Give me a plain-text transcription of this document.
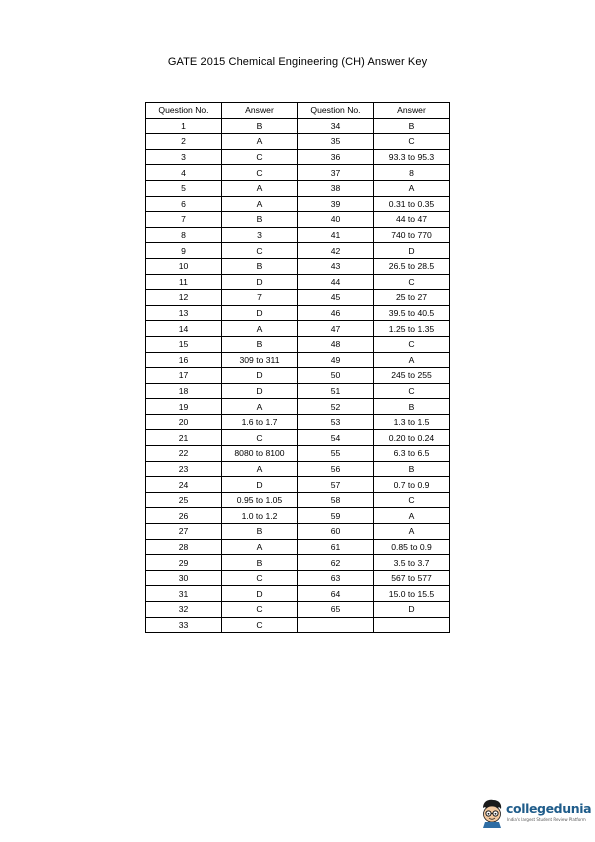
GATE 2015 Chemical Engineering (CH) Answer Key
Question No.	Answer	Question No.	Answer
1	B	34	B
2	A	35	C
3	C	36	93.3 to 95.3
4	C	37	8
5	A	38	A
6	A	39	0.31 to 0.35
7	B	40	44 to 47
8	3	41	740 to 770
9	C	42	D
10	B	43	26.5 to 28.5
11	D	44	C
12	7	45	25 to 27
13	D	46	39.5 to 40.5
14	A	47	1.25 to 1.35
15	B	48	C
16	309 to 311	49	A
17	D	50	245 to 255
18	D	51	C
19	A	52	B
20	1.6 to 1.7	53	1.3 to 1.5
21	C	54	0.20 to 0.24
22	8080 to 8100	55	6.3 to 6.5
23	A	56	B
24	D	57	0.7 to 0.9
25	0.95 to 1.05	58	C
26	1.0 to 1.2	59	A
27	B	60	A
28	A	61	0.85 to 0.9
29	B	62	3.5 to 3.7
30	C	63	567 to 577
31	D	64	15.0 to 15.5
32	C	65	D
33	C		
collegedunia
India's largest Student Review Platform
